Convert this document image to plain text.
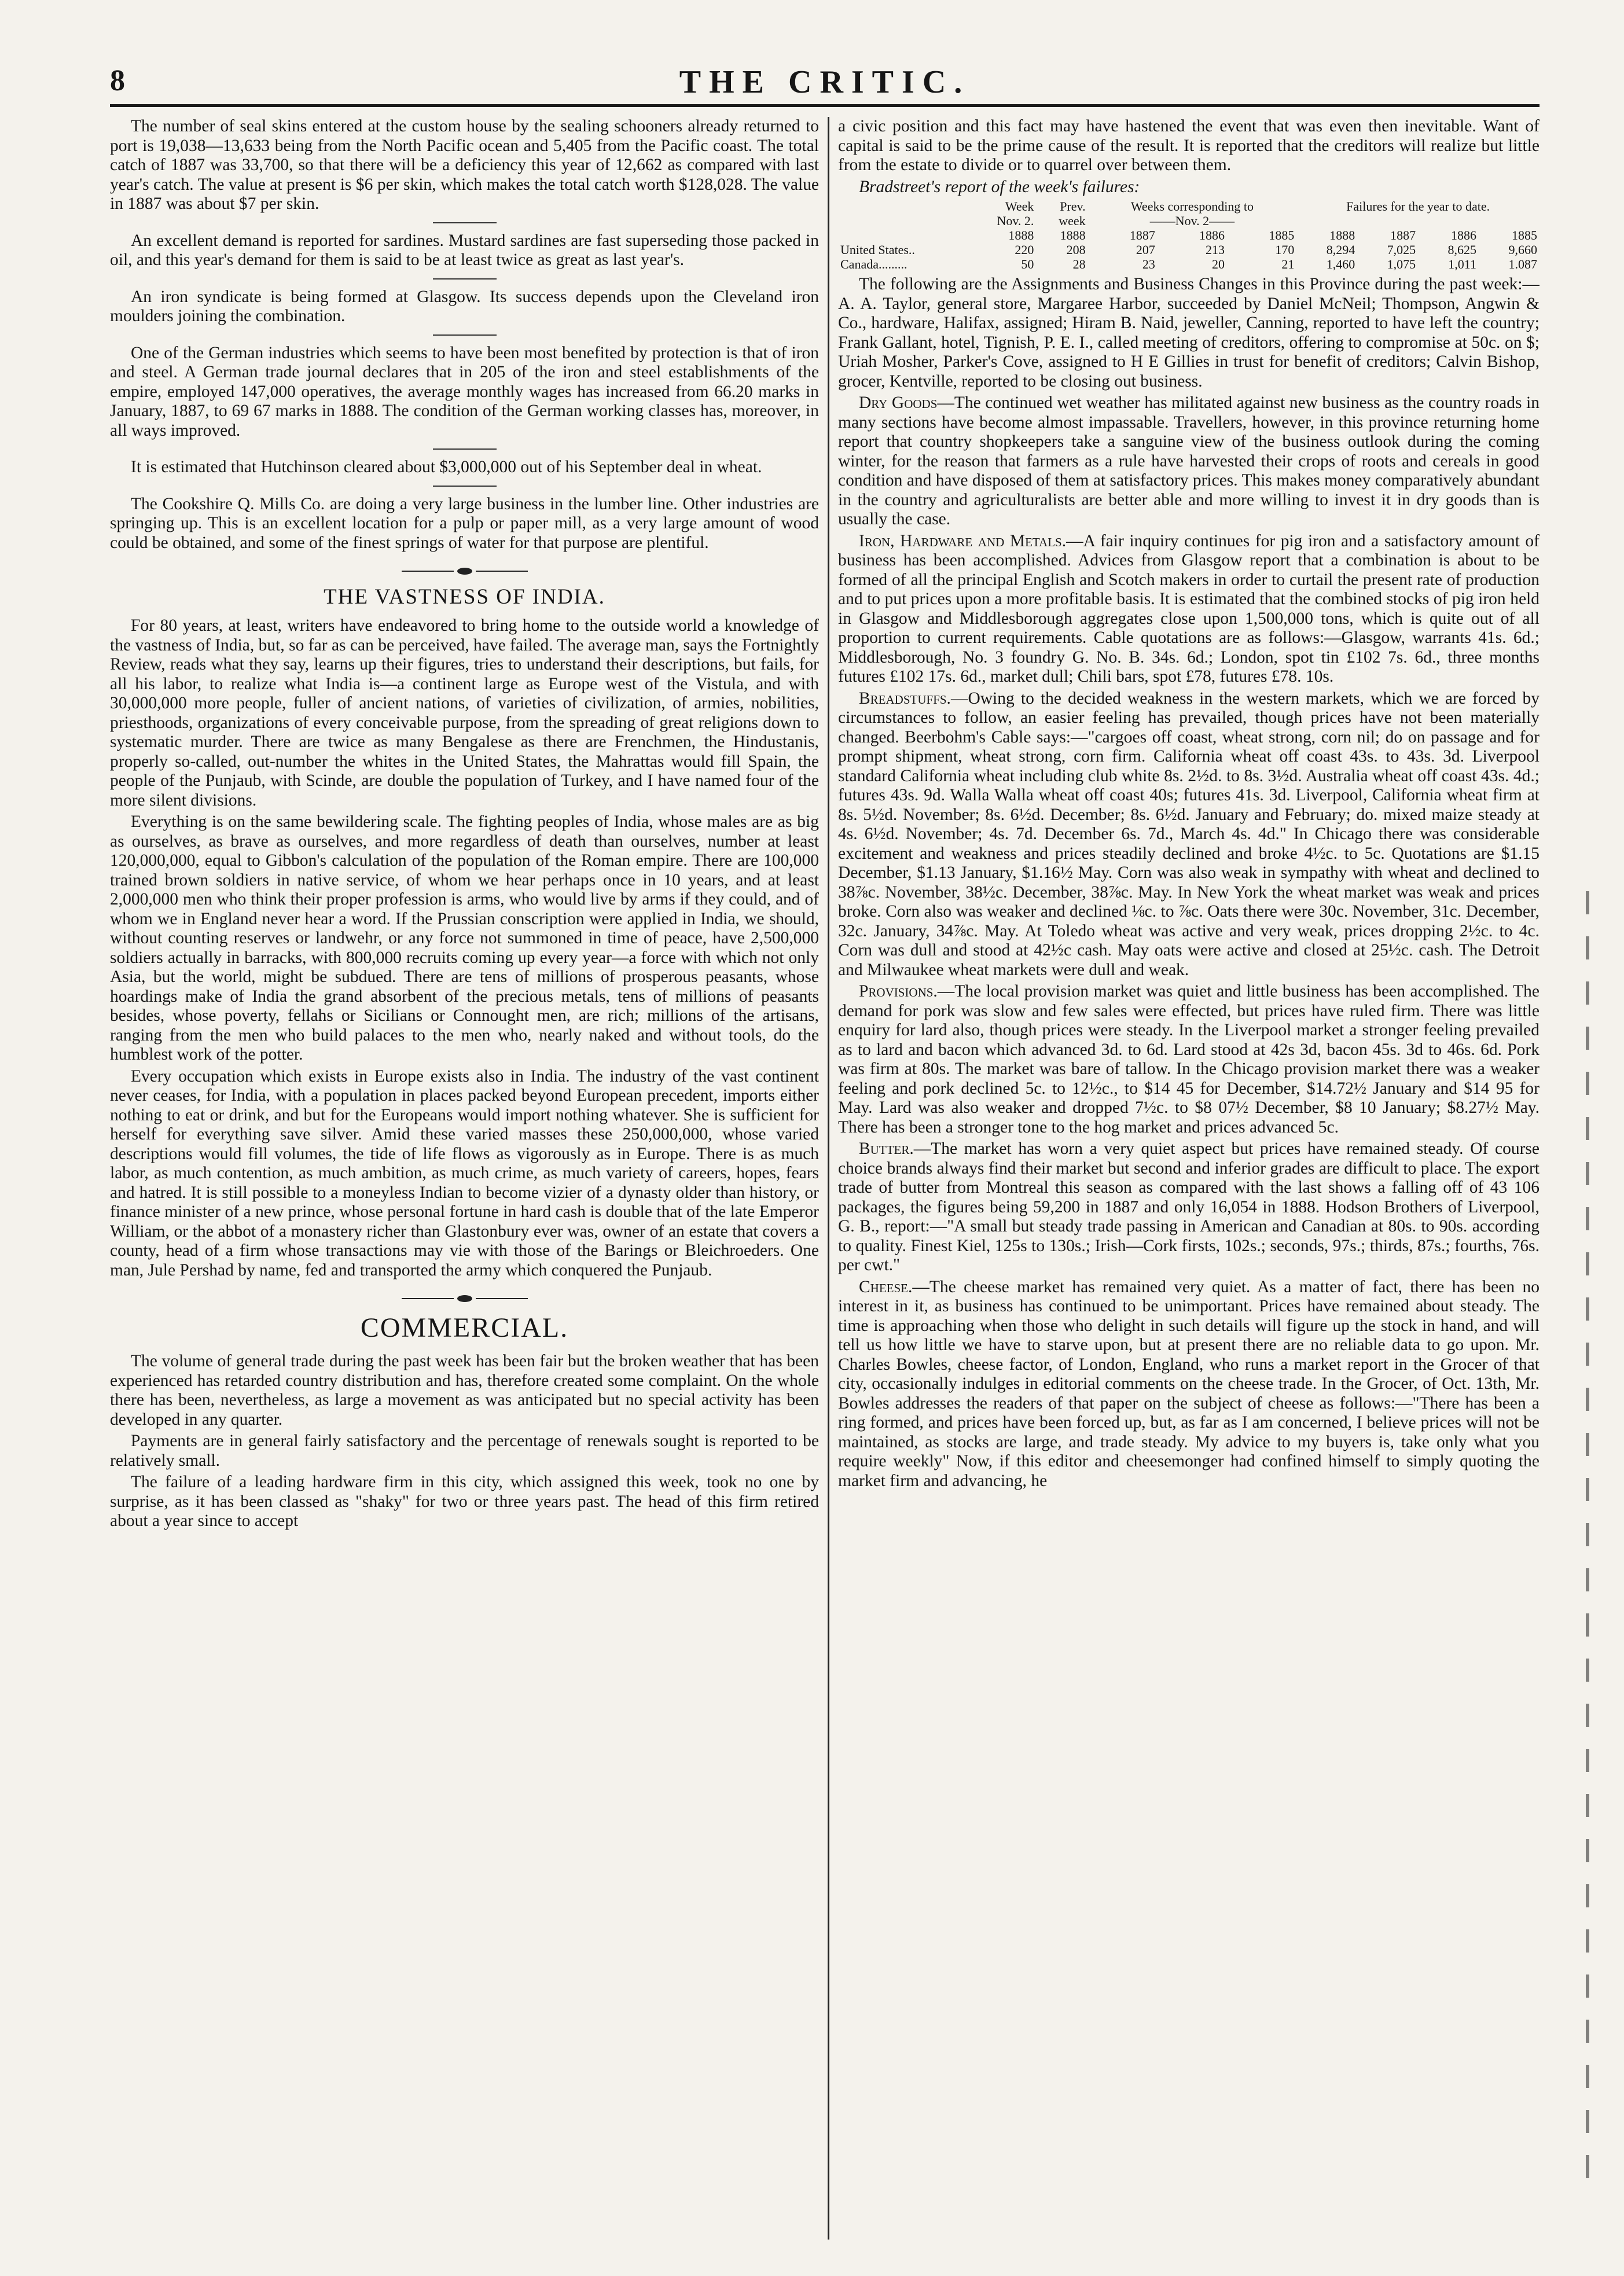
8	THE CRITIC.

The number of seal skins entered at the custom house by the sealing schooners already returned to port is 19,038—13,633 being from the North Pacific ocean and 5,405 from the Pacific coast. The total catch of 1887 was 33,700, so that there will be a deficiency this year of 12,662 as compared with last year's catch. The value at present is $6 per skin, which makes the total catch worth $128,028. The value in 1887 was about $7 per skin.

An excellent demand is reported for sardines. Mustard sardines are fast superseding those packed in oil, and this year's demand for them is said to be at least twice as great as last year's.

An iron syndicate is being formed at Glasgow. Its success depends upon the Cleveland iron moulders joining the combination.

One of the German industries which seems to have been most benefited by protection is that of iron and steel. A German trade journal declares that in 205 of the iron and steel establishments of the empire, employed 147,000 operatives, the average monthly wages has increased from 66.20 marks in January, 1887, to 69 67 marks in 1888. The condition of the German working classes has, moreover, in all ways improved.

It is estimated that Hutchinson cleared about $3,000,000 out of his September deal in wheat.

The Cookshire Q. Mills Co. are doing a very large business in the lumber line. Other industries are springing up. This is an excellent location for a pulp or paper mill, as a very large amount of wood could be obtained, and some of the finest springs of water for that purpose are plentiful.

THE VASTNESS OF INDIA.

For 80 years, at least, writers have endeavored to bring home to the outside world a knowledge of the vastness of India, but, so far as can be perceived, have failed. The average man, says the Fortnightly Review, reads what they say, learns up their figures, tries to understand their descriptions, but fails, for all his labor, to realize what India is—a continent large as Europe west of the Vistula, and with 30,000,000 more people, fuller of ancient nations, of varieties of civilization, of armies, nobilities, priesthoods, organizations of every conceivable purpose, from the spreading of great religions down to systematic murder. There are twice as many Bengalese as there are Frenchmen, the Hindustanis, properly so-called, out-number the whites in the United States, the Mahrattas would fill Spain, the people of the Punjaub, with Scinde, are double the population of Turkey, and I have named four of the more silent divisions.

Everything is on the same bewildering scale. The fighting peoples of India, whose males are as big as ourselves, as brave as ourselves, and more regardless of death than ourselves, number at least 120,000,000, equal to Gibbon's calculation of the population of the Roman empire. There are 100,000 trained brown soldiers in native service, of whom we hear perhaps once in 10 years, and at least 2,000,000 men who think their proper profession is arms, who would live by arms if they could, and of whom we in England never hear a word. If the Prussian conscription were applied in India, we should, without counting reserves or landwehr, or any force not summoned in time of peace, have 2,500,000 soldiers actually in barracks, with 800,000 recruits coming up every year—a force with which not only Asia, but the world, might be subdued. There are tens of millions of prosperous peasants, whose hoardings make of India the grand absorbent of the precious metals, tens of millions of peasants besides, whose poverty, fellahs or Sicilians or Connought men, are rich; millions of the artisans, ranging from the men who build palaces to the men who, nearly naked and without tools, do the humblest work of the potter.

Every occupation which exists in Europe exists also in India. The industry of the vast continent never ceases, for India, with a population in places packed beyond European precedent, imports either nothing to eat or drink, and but for the Europeans would import nothing whatever. She is sufficient for herself for everything save silver. Amid these varied masses these 250,000,000, whose varied descriptions would fill volumes, the tide of life flows as vigorously as in Europe. There is as much labor, as much contention, as much ambition, as much crime, as much variety of careers, hopes, fears and hatred. It is still possible to a moneyless Indian to become vizier of a dynasty older than history, or finance minister of a new prince, whose personal fortune in hard cash is double that of the late Emperor William, or the abbot of a monastery richer than Glastonbury ever was, owner of an estate that covers a county, head of a firm whose transactions may vie with those of the Barings or Bleichroeders. One man, Jule Pershad by name, fed and transported the army which conquered the Punjaub.

COMMERCIAL.

The volume of general trade during the past week has been fair but the broken weather that has been experienced has retarded country distribution and has, therefore created some complaint. On the whole there has been, nevertheless, as large a movement as was anticipated but no special activity has been developed in any quarter.

Payments are in general fairly satisfactory and the percentage of renewals sought is reported to be relatively small.

The failure of a leading hardware firm in this city, which assigned this week, took no one by surprise, as it has been classed as "shaky" for two or three years past. The head of this firm retired about a year since to accept

a civic position and this fact may have hastened the event that was even then inevitable. Want of capital is said to be the prime cause of the result. It is reported that the creditors will realize but little from the estate to divide or to quarrel over between them.

Bradstreet's report of the week's failures:

	Week	Prev.	Weeks corresponding to			Failures for the year to date.			
	Nov. 2.	week	——Nov. 2——						
	1888	1888	1887	1886	1885	1888	1887	1886	1885
United States..	220	208	207	213	170	8,294	7,025	8,625	9,660
Canada.........	50	28	23	20	21	1,460	1,075	1,011	1.087

The following are the Assignments and Business Changes in this Province during the past week:—A. A. Taylor, general store, Margaree Harbor, succeeded by Daniel McNeil; Thompson, Angwin & Co., hardware, Halifax, assigned; Hiram B. Naid, jeweller, Canning, reported to have left the country; Frank Gallant, hotel, Tignish, P. E. I., called meeting of creditors, offering to compromise at 50c. on $; Uriah Mosher, Parker's Cove, assigned to H E Gillies in trust for benefit of creditors; Calvin Bishop, grocer, Kentville, reported to be closing out business.

Dry Goods—The continued wet weather has militated against new business as the country roads in many sections have become almost impassable. Travellers, however, in this province returning home report that country shopkeepers take a sanguine view of the business outlook during the coming winter, for the reason that farmers as a rule have harvested their crops of roots and cereals in good condition and have disposed of them at satisfactory prices. This makes money comparatively abundant in the country and agriculturalists are better able and more willing to invest it in dry goods than is usually the case.

Iron, Hardware and Metals.—A fair inquiry continues for pig iron and a satisfactory amount of business has been accomplished. Advices from Glasgow report that a combination is about to be formed of all the principal English and Scotch makers in order to curtail the present rate of production and to put prices upon a more profitable basis. It is estimated that the combined stocks of pig iron held in Glasgow and Middlesborough aggregates close upon 1,500,000 tons, which is quite out of all proportion to current requirements. Cable quotations are as follows:—Glasgow, warrants 41s. 6d.; Middlesborough, No. 3 foundry G. No. B. 34s. 6d.; London, spot tin £102 7s. 6d., three months futures £102 17s. 6d., market dull; Chili bars, spot £78, futures £78. 10s.

Breadstuffs.—Owing to the decided weakness in the western markets, which we are forced by circumstances to follow, an easier feeling has prevailed, though prices have not been materially changed. Beerbohm's Cable says:—"cargoes off coast, wheat strong, corn nil; do on passage and for prompt shipment, wheat strong, corn firm. California wheat off coast 43s. to 43s. 3d. Liverpool standard California wheat including club white 8s. 2½d. to 8s. 3½d. Australia wheat off coast 43s. 4d.; futures 43s. 9d. Walla Walla wheat off coast 40s; futures 41s. 3d. Liverpool, California wheat firm at 8s. 5½d. November; 8s. 6½d. December; 8s. 6½d. January and February; do. mixed maize steady at 4s. 6½d. November; 4s. 7d. December 6s. 7d., March 4s. 4d." In Chicago there was considerable excitement and weakness and prices steadily declined and broke 4½c. to 5c. Quotations are $1.15 December, $1.13 January, $1.16½ May. Corn was also weak in sympathy with wheat and declined to 38⅞c. November, 38½c. December, 38⅞c. May. In New York the wheat market was weak and prices broke. Corn also was weaker and declined ⅛c. to ⅞c. Oats there were 30c. November, 31c. December, 32c. January, 34⅞c. May. At Toledo wheat was active and very weak, prices dropping 2½c. to 4c. Corn was dull and stood at 42½c cash. May oats were active and closed at 25½c. cash. The Detroit and Milwaukee wheat markets were dull and weak.

Provisions.—The local provision market was quiet and little business has been accomplished. The demand for pork was slow and few sales were effected, but prices have ruled firm. There was little enquiry for lard also, though prices were steady. In the Liverpool market a stronger feeling prevailed as to lard and bacon which advanced 3d. to 6d. Lard stood at 42s 3d, bacon 45s. 3d to 46s. 6d. Pork was firm at 80s. The market was bare of tallow. In the Chicago provision market there was a weaker feeling and pork declined 5c. to 12½c., to $14 45 for December, $14.72½ January and $14 95 for May. Lard was also weaker and dropped 7½c. to $8 07½ December, $8 10 January; $8.27½ May. There has been a stronger tone to the hog market and prices advanced 5c.

Butter.—The market has worn a very quiet aspect but prices have remained steady. Of course choice brands always find their market but second and inferior grades are difficult to place. The export trade of butter from Montreal this season as compared with the last shows a falling off of 43 106 packages, the figures being 59,200 in 1887 and only 16,054 in 1888. Hodson Brothers of Liverpool, G. B., report:—"A small but steady trade passing in American and Canadian at 80s. to 90s. according to quality. Finest Kiel, 125s to 130s.; Irish—Cork firsts, 102s.; seconds, 97s.; thirds, 87s.; fourths, 76s. per cwt."

Cheese.—The cheese market has remained very quiet. As a matter of fact, there has been no interest in it, as business has continued to be unimportant. Prices have remained about steady. The time is approaching when those who delight in such details will figure up the stock in hand, and will tell us how little we have to starve upon, but at present there are no reliable data to go upon. Mr. Charles Bowles, cheese factor, of London, England, who runs a market report in the Grocer of that city, occasionally indulges in editorial comments on the cheese trade. In the Grocer, of Oct. 13th, Mr. Bowles addresses the readers of that paper on the subject of cheese as follows:—"There has been a ring formed, and prices have been forced up, but, as far as I am concerned, I believe prices will not be maintained, as stocks are large, and trade steady. My advice to my buyers is, take only what you require weekly" Now, if this editor and cheesemonger had confined himself to simply quoting the market firm and advancing, he
